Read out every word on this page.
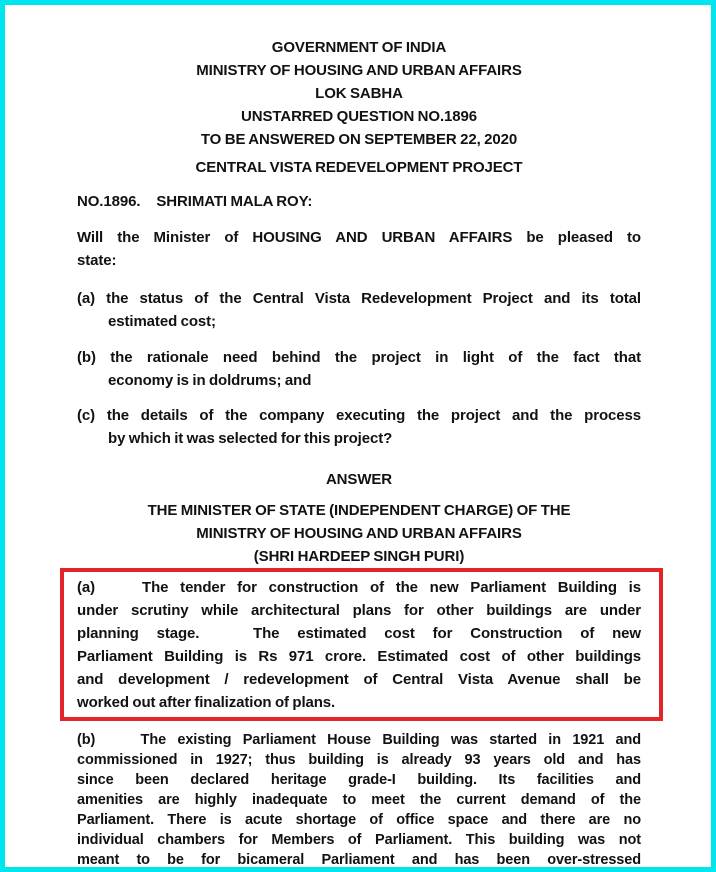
GOVERNMENT OF INDIA
MINISTRY OF HOUSING AND URBAN AFFAIRS
LOK SABHA
UNSTARRED QUESTION NO.1896
TO BE ANSWERED ON SEPTEMBER 22, 2020
CENTRAL VISTA REDEVELOPMENT PROJECT
NO.1896. SHRIMATI MALA ROY:
Will the Minister of HOUSING AND URBAN AFFAIRS be pleased to
state:
(a) the status of the Central Vista Redevelopment Project and its total
estimated cost;
(b) the rationale need behind the project in light of the fact that
economy is in doldrums; and
(c) the details of the company executing the project and the process
by which it was selected for this project?
ANSWER
THE MINISTER OF STATE (INDEPENDENT CHARGE) OF THE
MINISTRY OF HOUSING AND URBAN AFFAIRS
(SHRI HARDEEP SINGH PURI)
(a)    The tender for construction of the new Parliament Building is
under scrutiny while architectural plans for other buildings are under
planning stage.   The estimated cost for Construction of new
Parliament Building is Rs 971 crore. Estimated cost of other buildings
and development / redevelopment of Central Vista Avenue shall be
worked out after finalization of plans.
(b)    The existing Parliament House Building was started in 1921 and
commissioned in 1927; thus building is already 93 years old and has
since been declared heritage grade-I building. Its facilities and
amenities are highly inadequate to meet the current demand of the
Parliament. There is acute shortage of office space and there are no
individual chambers for Members of Parliament. This building was not
meant to be for bicameral Parliament and has been over-stressed
